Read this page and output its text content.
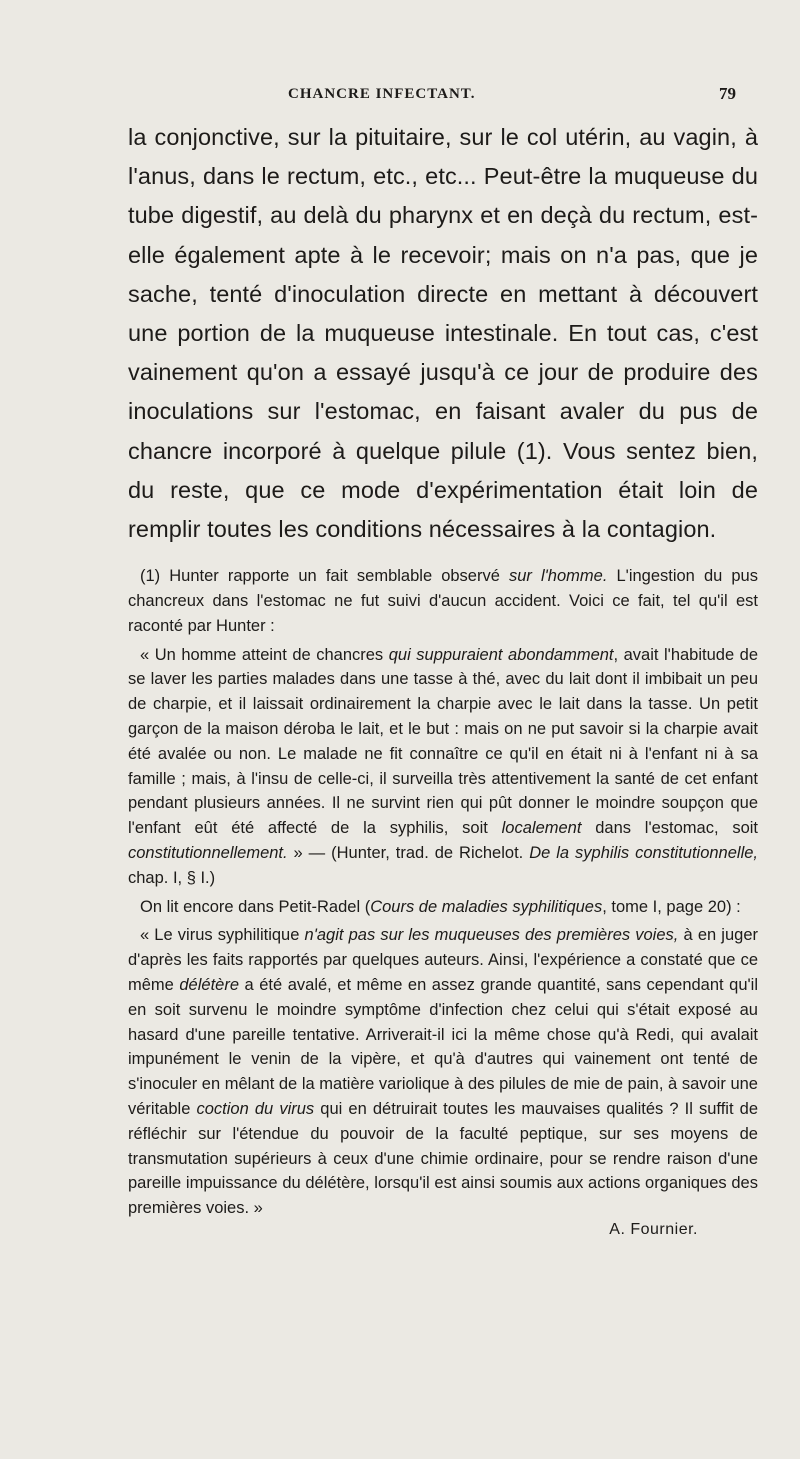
CHANCRE INFECTANT.	79

la conjonctive, sur la pituitaire, sur le col utérin, au vagin, à l'anus, dans le rectum, etc., etc... Peut-être la muqueuse du tube digestif, au delà du pharynx et en deçà du rectum, est-elle également apte à le recevoir; mais on n'a pas, que je sache, tenté d'inoculation directe en mettant à découvert une portion de la muqueuse intestinale. En tout cas, c'est vainement qu'on a essayé jusqu'à ce jour de produire des inoculations sur l'estomac, en faisant avaler du pus de chancre incorporé à quelque pilule (1). Vous sentez bien, du reste, que ce mode d'expérimentation était loin de remplir toutes les conditions nécessaires à la contagion.

(1) Hunter rapporte un fait semblable observé sur l'homme. L'ingestion du pus chancreux dans l'estomac ne fut suivi d'aucun accident. Voici ce fait, tel qu'il est raconté par Hunter :

« Un homme atteint de chancres qui suppuraient abondamment, avait l'habitude de se laver les parties malades dans une tasse à thé, avec du lait dont il imbibait un peu de charpie, et il laissait ordinairement la charpie avec le lait dans la tasse. Un petit garçon de la maison déroba le lait, et le but : mais on ne put savoir si la charpie avait été avalée ou non. Le malade ne fit connaître ce qu'il en était ni à l'enfant ni à sa famille ; mais, à l'insu de celle-ci, il surveilla très attentivement la santé de cet enfant pendant plusieurs années. Il ne survint rien qui pût donner le moindre soupçon que l'enfant eût été affecté de la syphilis, soit localement dans l'estomac, soit constitutionnellement. » — (Hunter, trad. de Richelot. De la syphilis constitutionnelle, chap. I, § I.)

On lit encore dans Petit-Radel (Cours de maladies syphilitiques, tome I, page 20) :

« Le virus syphilitique n'agit pas sur les muqueuses des premières voies, à en juger d'après les faits rapportés par quelques auteurs. Ainsi, l'expérience a constaté que ce même délétère a été avalé, et même en assez grande quantité, sans cependant qu'il en soit survenu le moindre symptôme d'infection chez celui qui s'était exposé au hasard d'une pareille tentative. Arriverait-il ici la même chose qu'à Redi, qui avalait impunément le venin de la vipère, et qu'à d'autres qui vainement ont tenté de s'inoculer en mêlant de la matière variolique à des pilules de mie de pain, à savoir une véritable coction du virus qui en détruirait toutes les mauvaises qualités ? Il suffit de réfléchir sur l'étendue du pouvoir de la faculté peptique, sur ses moyens de transmutation supérieurs à ceux d'une chimie ordinaire, pour se rendre raison d'une pareille impuissance du délétère, lorsqu'il est ainsi soumis aux actions organiques des premières voies. »

A. Fournier.
